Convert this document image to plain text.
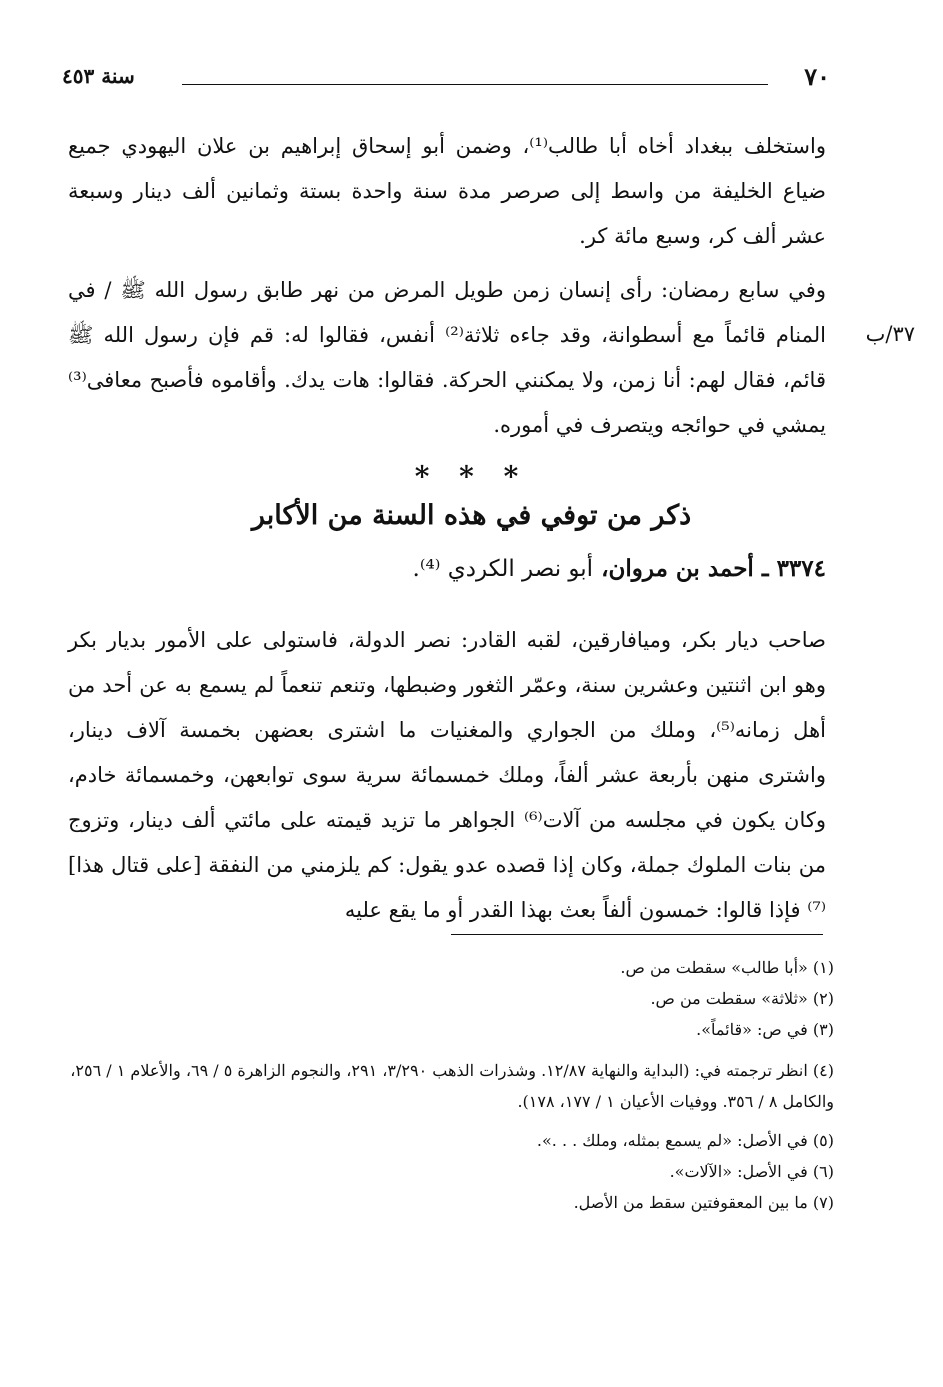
٧٠
سنة ٤٥٣
واستخلف ببغداد أخاه أبا طالب⁽¹⁾، وضمن أبو إسحاق إبراهيم بن علان اليهودي جميع ضياع الخليفة من واسط إلى صرصر مدة سنة واحدة بستة وثمانين ألف دينار وسبعة عشر ألف كر، وسبع مائة كر.
وفي سابع رمضان: رأى إنسان زمن طويل المرض من نهر طابق رسول الله ﷺ / في المنام قائماً مع أسطوانة، وقد جاءه ثلاثة⁽²⁾ أنفس، فقالوا له: قم فإن رسول الله ﷺ قائم، فقال لهم: أنا زمن، ولا يمكنني الحركة. فقالوا: هات يدك. وأقاموه فأصبح معافى⁽³⁾ يمشي في حوائجه ويتصرف في أموره.
٣٧/ب
* * *
ذكر من توفي في هذه السنة من الأكابر
٣٣٧٤ ـ أحمد بن مروان، أبو نصر الكردي ⁽⁴⁾.
صاحب ديار بكر، وميافارقين، لقبه القادر: نصر الدولة، فاستولى على الأمور بديار بكر وهو ابن اثنتين وعشرين سنة، وعمّر الثغور وضبطها، وتنعم تنعماً لم يسمع به عن أحد من أهل زمانه⁽⁵⁾، وملك من الجواري والمغنيات ما اشترى بعضهن بخمسة آلاف دينار، واشترى منهن بأربعة عشر ألفاً، وملك خمسمائة سرية سوى توابعهن، وخمسمائة خادم، وكان يكون في مجلسه من آلات⁽⁶⁾ الجواهر ما تزيد قيمته على مائتي ألف دينار، وتزوج من بنات الملوك جملة، وكان إذا قصده عدو يقول: كم يلزمني من النفقة [على قتال هذا]⁽⁷⁾ فإذا قالوا: خمسون ألفاً بعث بهذا القدر أو ما يقع عليه

(١) «أبا طالب» سقطت من ص.

(٢) «ثلاثة» سقطت من ص.

(٣) في ص: «قائماً».

(٤) انظر ترجمته في: (البداية والنهاية ١٢/٨٧. وشذرات الذهب ٣/٢٩٠، ٢٩١، والنجوم الزاهرة ٥ / ٦٩، والأعلام ١ / ٢٥٦، والكامل ٨ / ٣٥٦. ووفيات الأعيان ١ / ١٧٧، ١٧٨).

(٥) في الأصل: «لم يسمع بمثله، وملك . . .».

(٦) في الأصل: «الآلات».

(٧) ما بين المعقوفتين سقط من الأصل.
